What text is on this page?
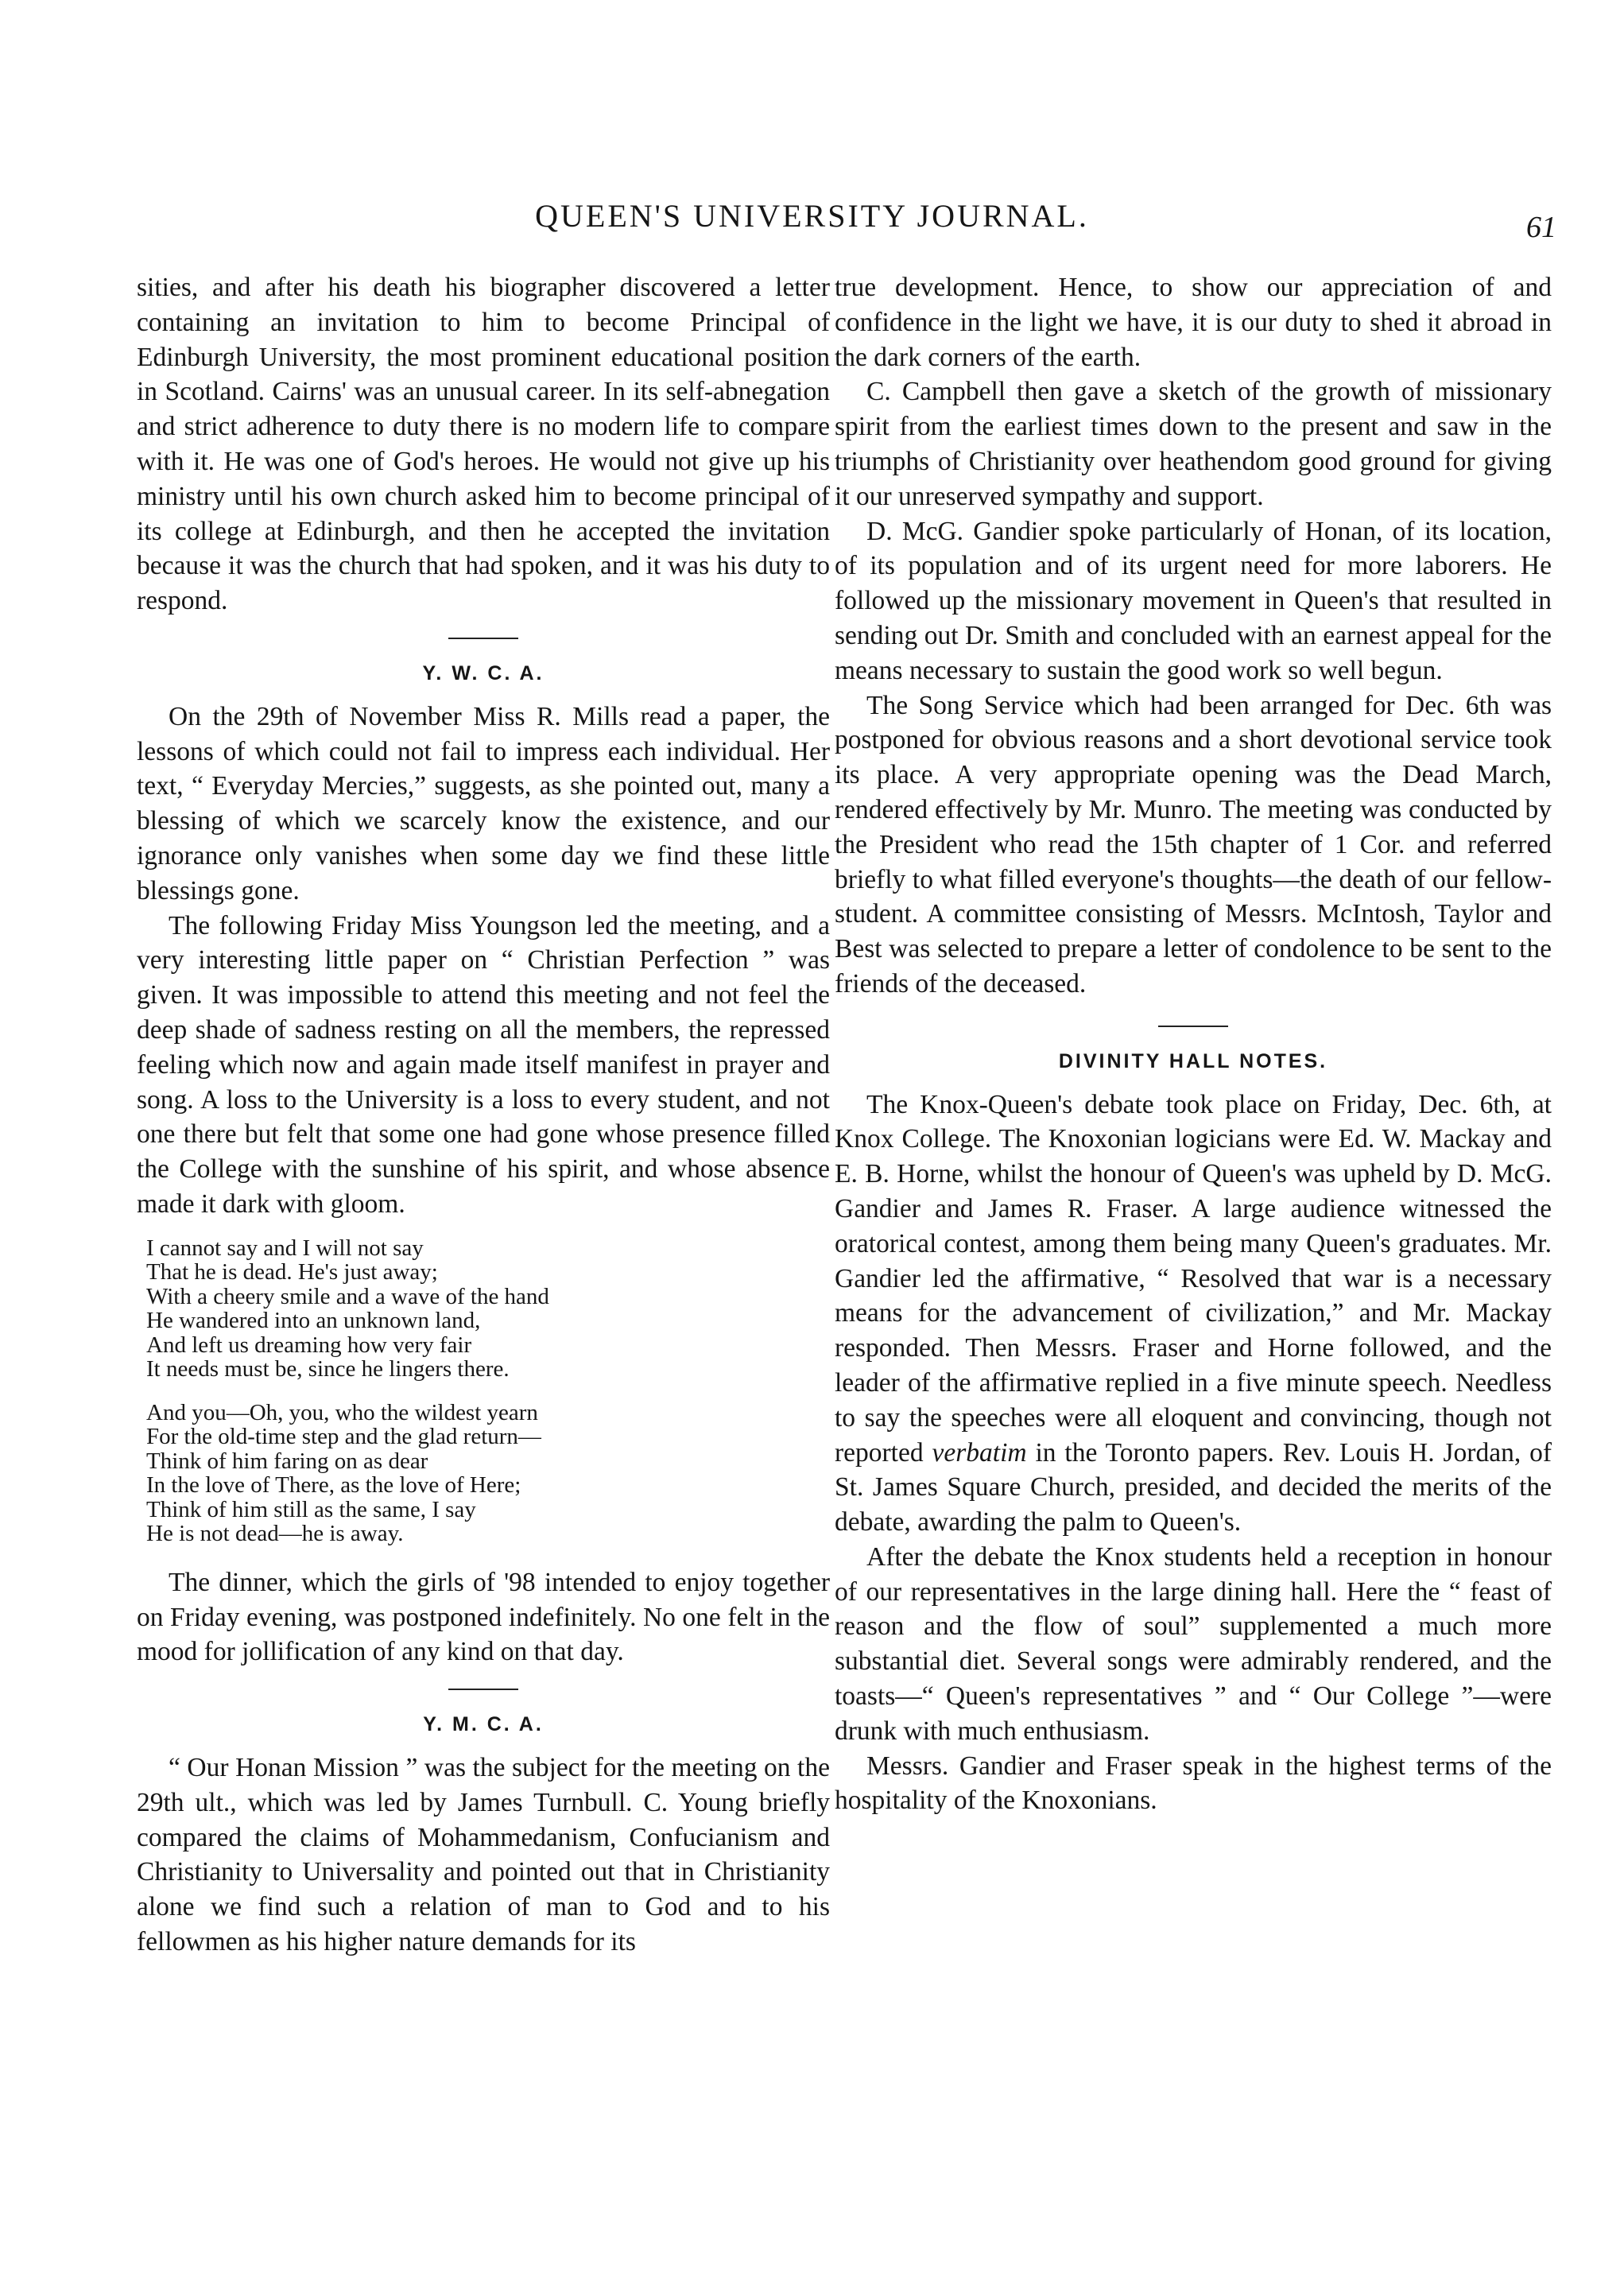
QUEEN'S UNIVERSITY JOURNAL.	61

sities, and after his death his biographer discovered a letter containing an invitation to him to become Principal of Edinburgh University, the most prominent educational position in Scotland. Cairns' was an unusual career. In its self-abnegation and strict adherence to duty there is no modern life to compare with it. He was one of God's heroes. He would not give up his ministry until his own church asked him to become principal of its college at Edinburgh, and then he accepted the invitation because it was the church that had spoken, and it was his duty to respond.

Y. W. C. A.

On the 29th of November Miss R. Mills read a paper, the lessons of which could not fail to impress each individual. Her text, “ Everyday Mercies,” suggests, as she pointed out, many a blessing of which we scarcely know the existence, and our ignorance only vanishes when some day we find these little blessings gone.

The following Friday Miss Youngson led the meeting, and a very interesting little paper on “ Christian Perfection ” was given. It was impossible to attend this meeting and not feel the deep shade of sadness resting on all the members, the repressed feeling which now and again made itself manifest in prayer and song. A loss to the University is a loss to every student, and not one there but felt that some one had gone whose presence filled the College with the sunshine of his spirit, and whose absence made it dark with gloom.

I cannot say and I will not say
That he is dead. He's just away;
With a cheery smile and a wave of the hand
He wandered into an unknown land,
And left us dreaming how very fair
It needs must be, since he lingers there.
And you—Oh, you, who the wildest yearn
For the old-time step and the glad return—
Think of him faring on as dear
In the love of There, as the love of Here;
Think of him still as the same, I say
He is not dead—he is away.

The dinner, which the girls of '98 intended to enjoy together on Friday evening, was postponed indefinitely. No one felt in the mood for jollification of any kind on that day.

Y. M. C. A.

“ Our Honan Mission ” was the subject for the meeting on the 29th ult., which was led by James Turnbull. C. Young briefly compared the claims of Mohammedanism, Confucianism and Christianity to Universality and pointed out that in Christianity alone we find such a relation of man to God and to his fellowmen as his higher nature demands for its

true development. Hence, to show our appreciation of and confidence in the light we have, it is our duty to shed it abroad in the dark corners of the earth.

C. Campbell then gave a sketch of the growth of missionary spirit from the earliest times down to the present and saw in the triumphs of Christianity over heathendom good ground for giving it our unreserved sympathy and support.

D. McG. Gandier spoke particularly of Honan, of its location, of its population and of its urgent need for more laborers. He followed up the missionary movement in Queen's that resulted in sending out Dr. Smith and concluded with an earnest appeal for the means necessary to sustain the good work so well begun.

The Song Service which had been arranged for Dec. 6th was postponed for obvious reasons and a short devotional service took its place. A very appropriate opening was the Dead March, rendered effectively by Mr. Munro. The meeting was conducted by the President who read the 15th chapter of 1 Cor. and referred briefly to what filled everyone's thoughts—the death of our fellow-student. A committee consisting of Messrs. McIntosh, Taylor and Best was selected to prepare a letter of condolence to be sent to the friends of the deceased.

DIVINITY HALL NOTES.

The Knox-Queen's debate took place on Friday, Dec. 6th, at Knox College. The Knoxonian logicians were Ed. W. Mackay and E. B. Horne, whilst the honour of Queen's was upheld by D. McG. Gandier and James R. Fraser. A large audience witnessed the oratorical contest, among them being many Queen's graduates. Mr. Gandier led the affirmative, “ Resolved that war is a necessary means for the advancement of civilization,” and Mr. Mackay responded. Then Messrs. Fraser and Horne followed, and the leader of the affirmative replied in a five minute speech. Needless to say the speeches were all eloquent and convincing, though not reported verbatim in the Toronto papers. Rev. Louis H. Jordan, of St. James Square Church, presided, and decided the merits of the debate, awarding the palm to Queen's.

After the debate the Knox students held a reception in honour of our representatives in the large dining hall. Here the “ feast of reason and the flow of soul” supplemented a much more substantial diet. Several songs were admirably rendered, and the toasts—“ Queen's representatives ” and “ Our College ”—were drunk with much enthusiasm.

Messrs. Gandier and Fraser speak in the highest terms of the hospitality of the Knoxonians.
